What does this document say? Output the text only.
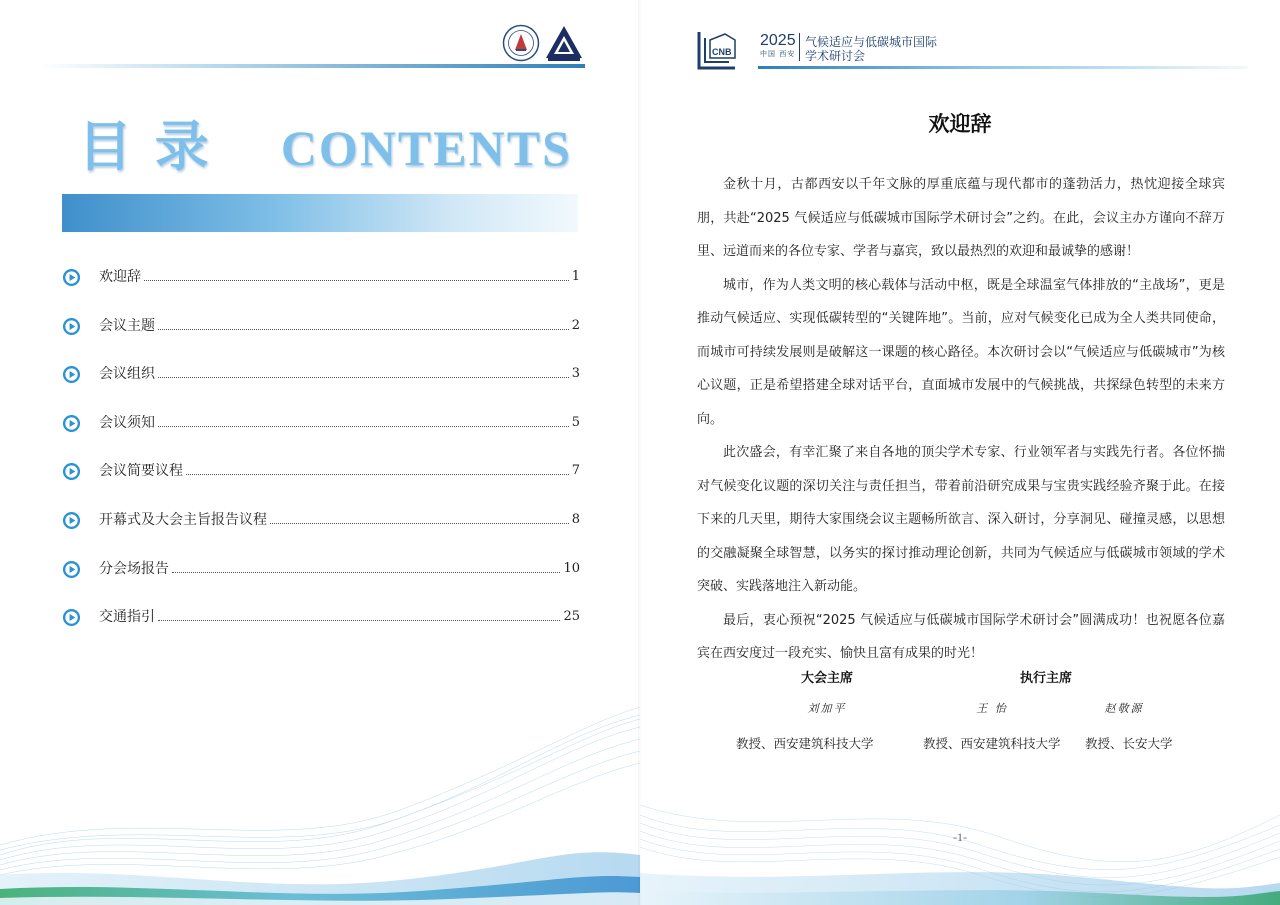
目 录 CONTENTS
欢迎辞	1
会议主题	2
会议组织	3
会议须知	5
会议简要议程	7
开幕式及大会主旨报告议程	8
分会场报告	10
交通指引	25
CNB
2025
中国 西安
气候适应与低碳城市国际
学术研讨会
欢迎辞

金秋十月，古都西安以千年文脉的厚重底蕴与现代都市的蓬勃活力，热忱迎接全球宾朋，共赴“2025 气候适应与低碳城市国际学术研讨会”之约。在此，会议主办方谨向不辞万里、远道而来的各位专家、学者与嘉宾，致以最热烈的欢迎和最诚挚的感谢！

城市，作为人类文明的核心载体与活动中枢，既是全球温室气体排放的“主战场”，更是推动气候适应、实现低碳转型的“关键阵地”。当前，应对气候变化已成为全人类共同使命，而城市可持续发展则是破解这一课题的核心路径。本次研讨会以“气候适应与低碳城市”为核心议题，正是希望搭建全球对话平台，直面城市发展中的气候挑战，共探绿色转型的未来方向。

此次盛会，有幸汇聚了来自各地的顶尖学术专家、行业领军者与实践先行者。各位怀揣对气候变化议题的深切关注与责任担当，带着前沿研究成果与宝贵实践经验齐聚于此。在接下来的几天里，期待大家围绕会议主题畅所欲言、深入研讨，分享洞见、碰撞灵感，以思想的交融凝聚全球智慧，以务实的探讨推动理论创新，共同为气候适应与低碳城市领域的学术突破、实践落地注入新动能。

最后，衷心预祝“2025 气候适应与低碳城市国际学术研讨会”圆满成功！也祝愿各位嘉宾在西安度过一段充实、愉快且富有成果的时光！

大会主席	执行主席
刘加平	王 怡	赵敬源
教授、西安建筑科技大学	教授、西安建筑科技大学 教授、长安大学
-1-
